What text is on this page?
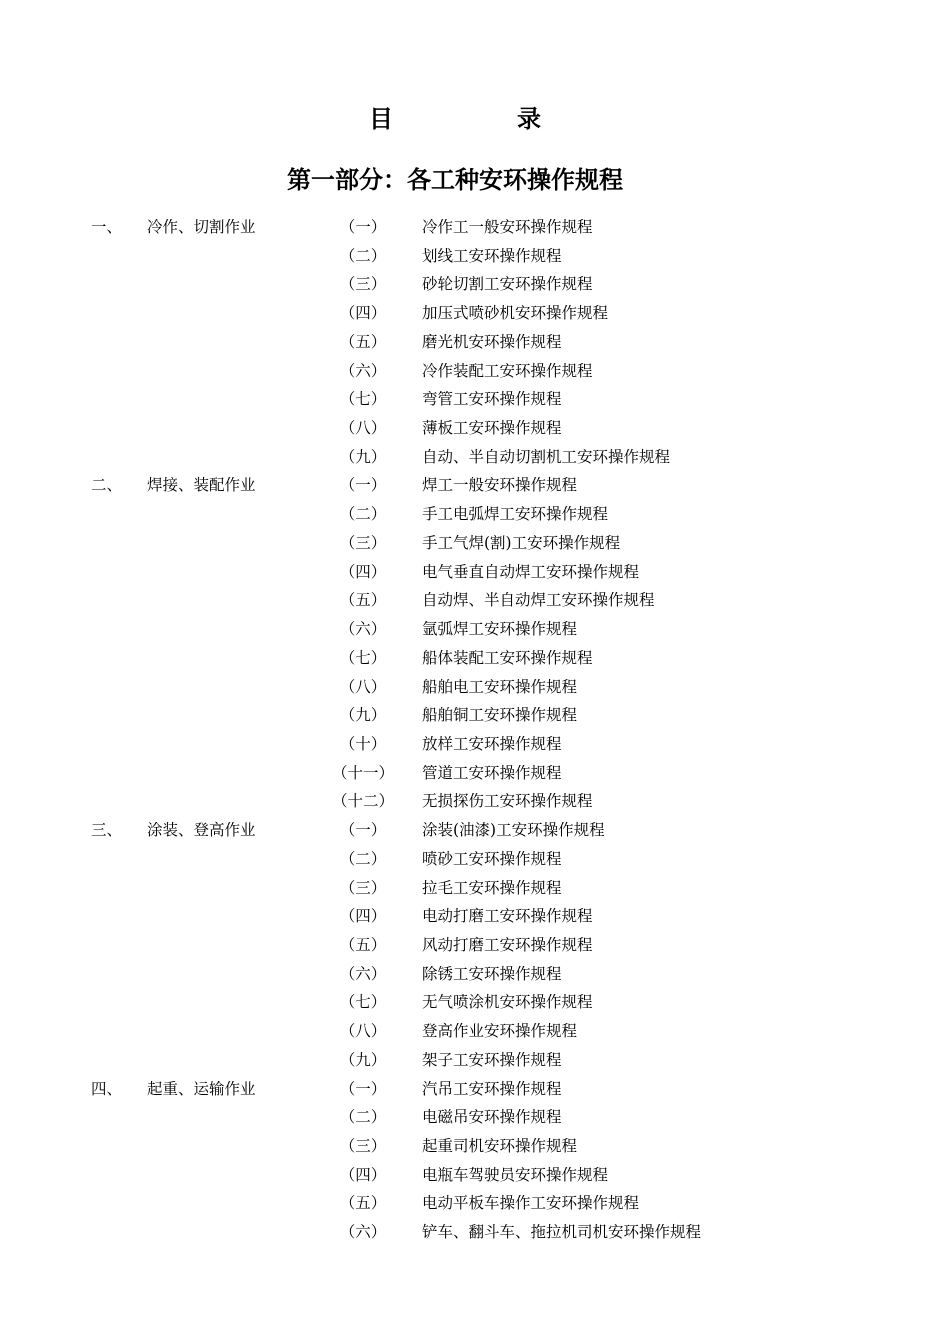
目　录
第一部分：各工种安环操作规程
一、 冷作、切割作业	（一）	冷作工一般安环操作规程
（二）	划线工安环操作规程
（三）	砂轮切割工安环操作规程
（四）	加压式喷砂机安环操作规程
（五）	磨光机安环操作规程
（六）	冷作装配工安环操作规程
（七）	弯管工安环操作规程
（八）	薄板工安环操作规程
（九）	自动、半自动切割机工安环操作规程
二、 焊接、装配作业	（一）	焊工一般安环操作规程
（二）	手工电弧焊工安环操作规程
（三）	手工气焊(割)工安环操作规程
（四）	电气垂直自动焊工安环操作规程
（五）	自动焊、半自动焊工安环操作规程
（六）	氩弧焊工安环操作规程
（七）	船体装配工安环操作规程
（八）	船舶电工安环操作规程
（九）	船舶铜工安环操作规程
（十）	放样工安环操作规程
（十一） 管道工安环操作规程
（十二） 无损探伤工安环操作规程
三、 涂装、登高作业	（一）	涂装(油漆)工安环操作规程
（二）	喷砂工安环操作规程
（三）	拉毛工安环操作规程
（四）	电动打磨工安环操作规程
（五）	风动打磨工安环操作规程
（六）	除锈工安环操作规程
（七）	无气喷涂机安环操作规程
（八）	登高作业安环操作规程
（九）	架子工安环操作规程
四、 起重、运输作业	（一）	汽吊工安环操作规程
（二）	电磁吊安环操作规程
（三）	起重司机安环操作规程
（四）	电瓶车驾驶员安环操作规程
（五）	电动平板车操作工安环操作规程
（六）	铲车、翻斗车、拖拉机司机安环操作规程
